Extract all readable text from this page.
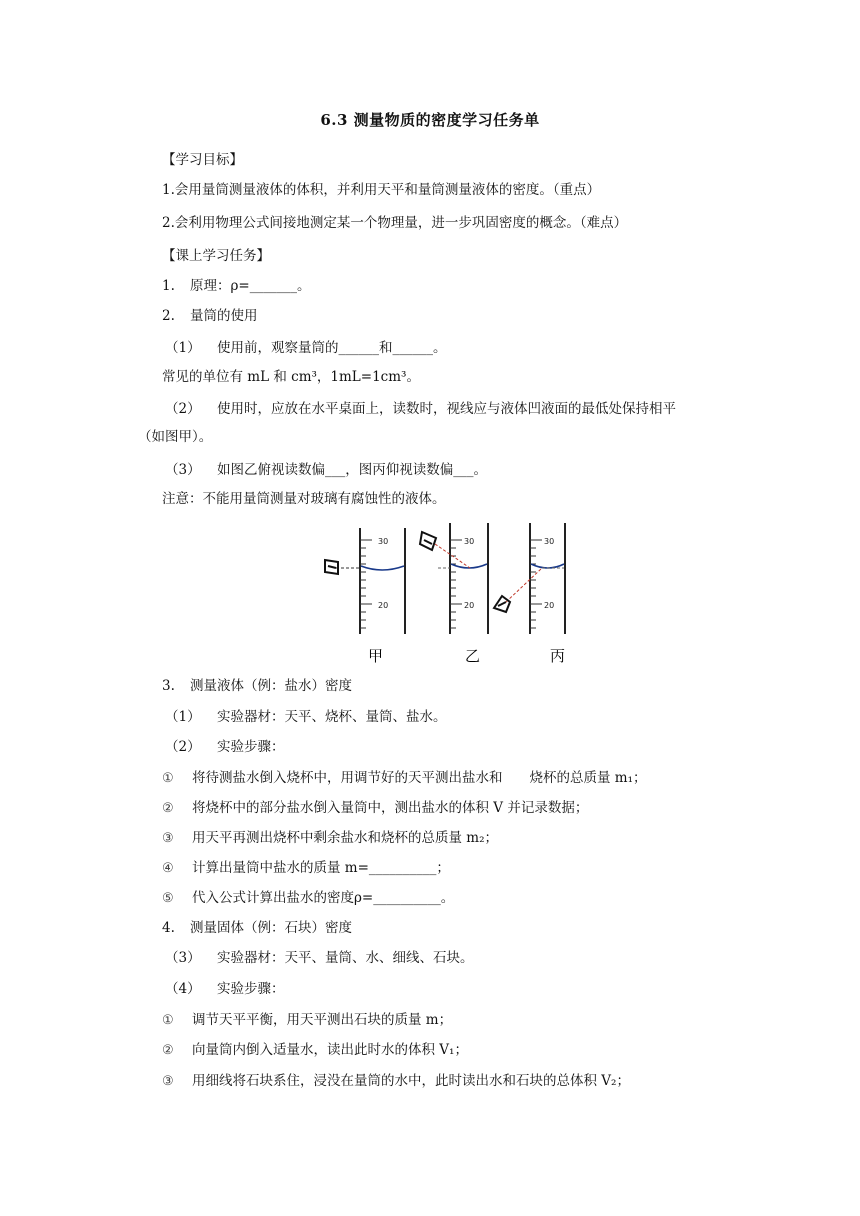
6.3 测量物质的密度学习任务单
【学习目标】
1.会用量筒测量液体的体积，并利用天平和量筒测量液体的密度。（重点）
2.会利用物理公式间接地测定某一个物理量，进一步巩固密度的概念。（难点）
【课上学习任务】
1. 原理：ρ=_______。
2. 量筒的使用
（1） 使用前，观察量筒的______和______。
常见的单位有 mL 和 cm³，1mL=1cm³。
（2） 使用时，应放在水平桌面上，读数时，视线应与液体凹液面的最低处保持相平
（如图甲）。
（3） 如图乙俯视读数偏___，图丙仰视读数偏___。
注意：不能用量筒测量对玻璃有腐蚀性的液体。
30
20
30
20
30
20
甲	乙	丙
3. 测量液体（例：盐水）密度
（1） 实验器材：天平、烧杯、量筒、盐水。
（2） 实验步骤：
① 将待测盐水倒入烧杯中，用调节好的天平测出盐水和　　烧杯的总质量 m₁；
② 将烧杯中的部分盐水倒入量筒中，测出盐水的体积 V 并记录数据；
③ 用天平再测出烧杯中剩余盐水和烧杯的总质量 m₂；
④ 计算出量筒中盐水的质量 m=__________；
⑤ 代入公式计算出盐水的密度ρ=__________。
4. 测量固体（例：石块）密度
（3） 实验器材：天平、量筒、水、细线、石块。
（4） 实验步骤：
① 调节天平平衡，用天平测出石块的质量 m；
② 向量筒内倒入适量水，读出此时水的体积 V₁；
③ 用细线将石块系住，浸没在量筒的水中，此时读出水和石块的总体积 V₂；
